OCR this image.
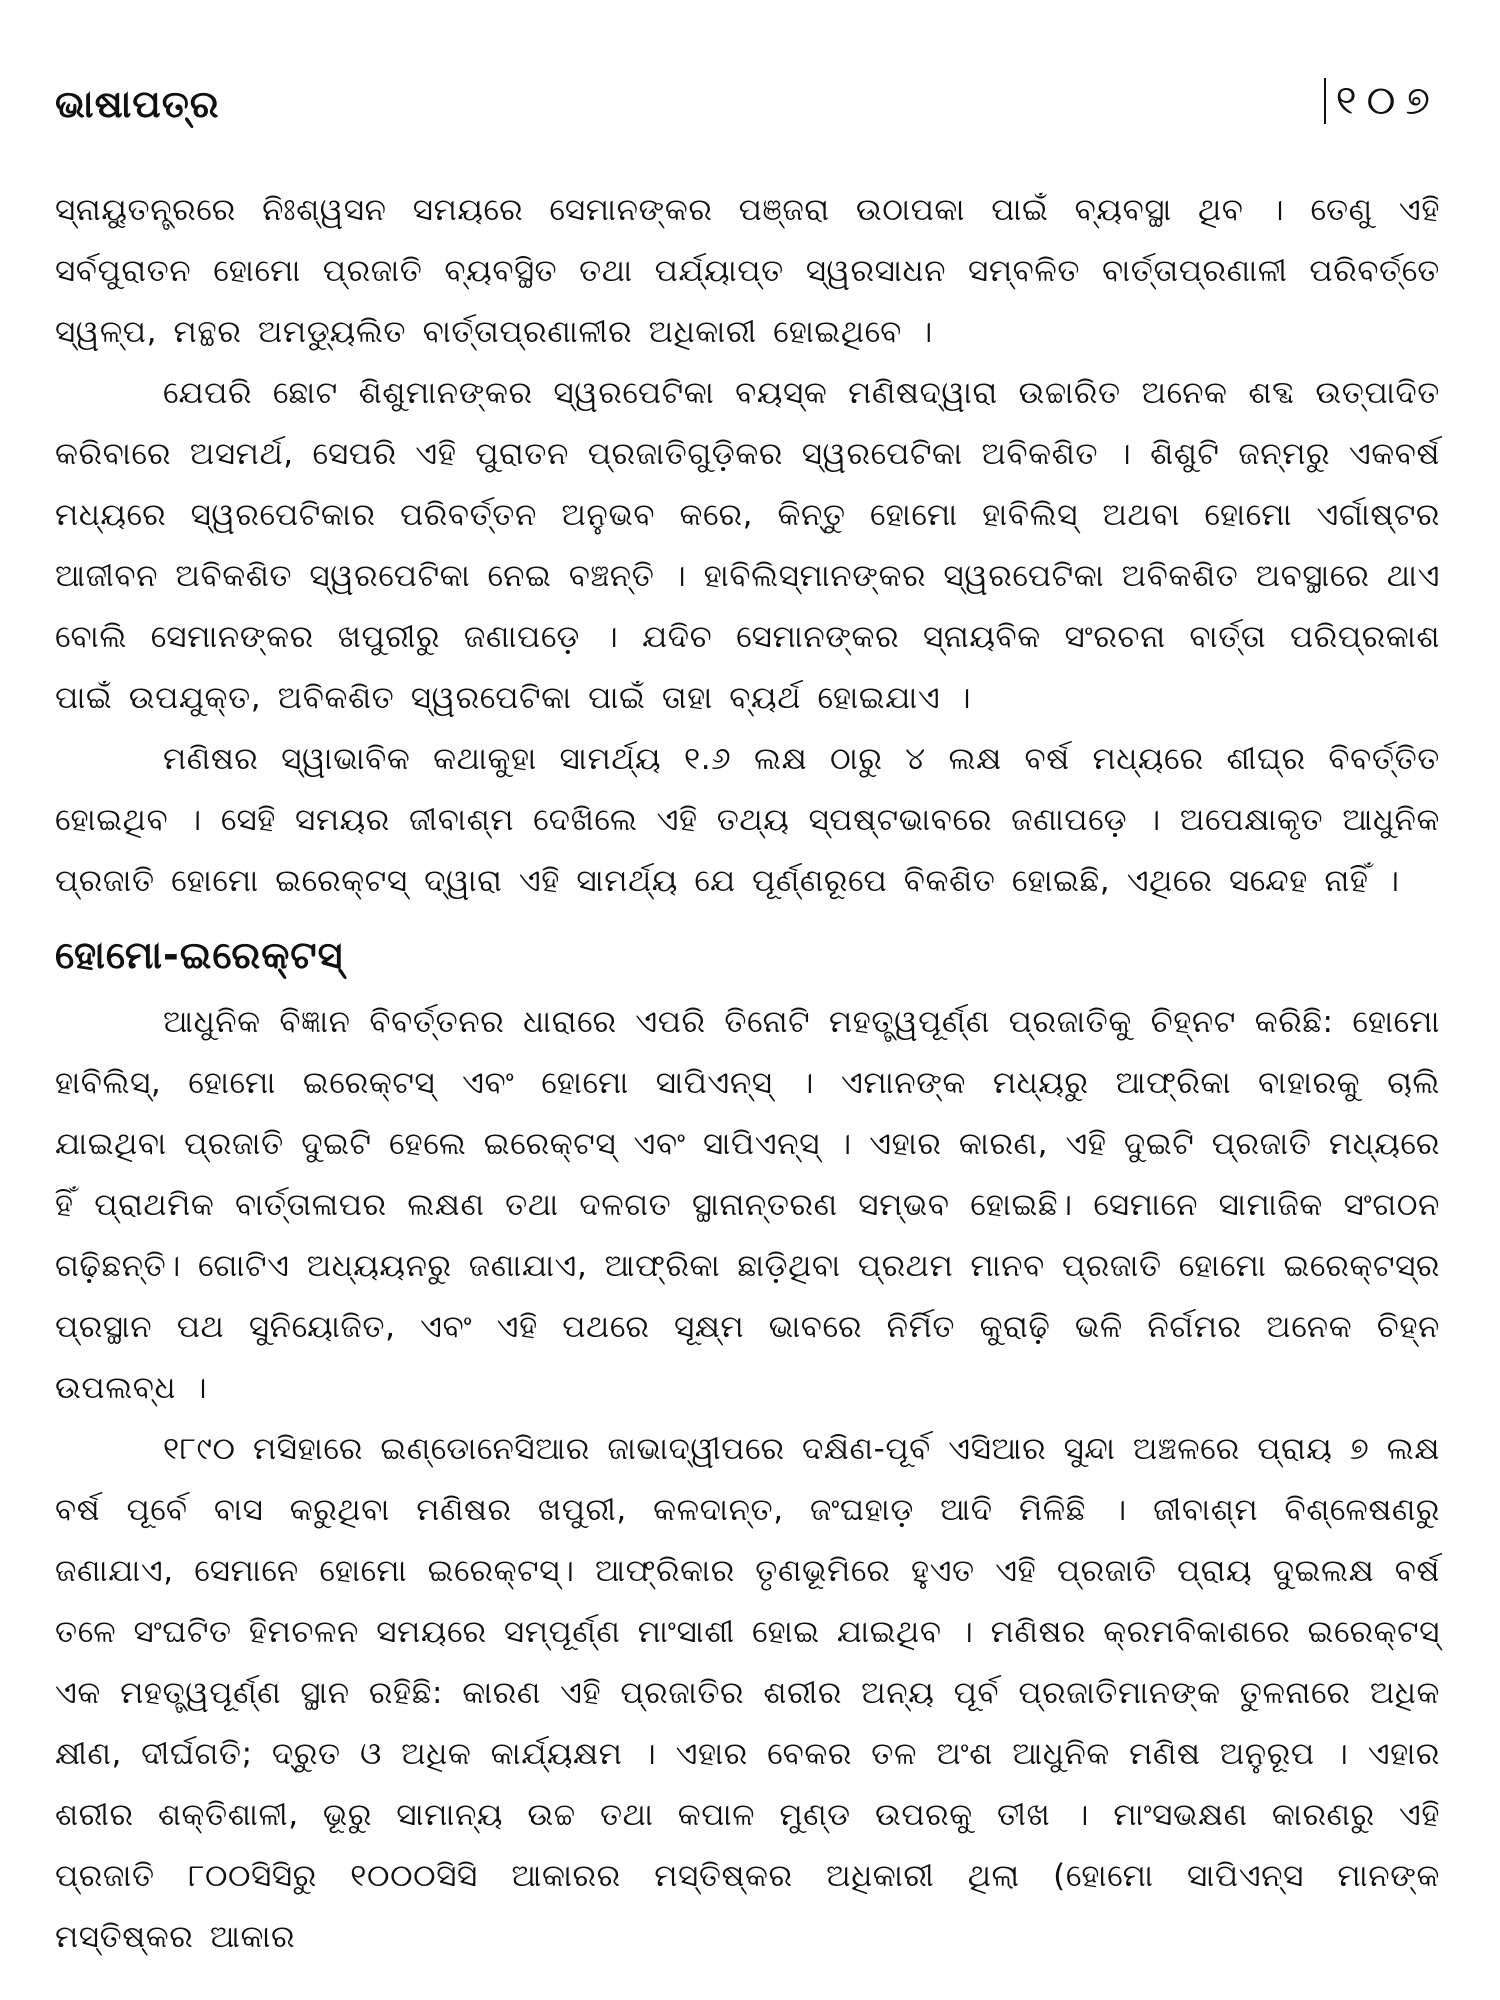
ଭାଷାପତ୍ର	୧୦୭

ସ୍ନାୟୁତନ୍ତ୍ରରେ ନିଃଶ୍ୱସନ ସମୟରେ ସେମାନଙ୍କର ପଞ୍ଜରା ଉଠାପକା ପାଇଁ ବ୍ୟବସ୍ଥା ଥିବ । ତେଣୁ ଏହି ସର୍ବପୁରାତନ ହୋମୋ ପ୍ରଜାତି ବ୍ୟବସ୍ଥିତ ତଥା ପର୍ଯ୍ୟାପ୍ତ ସ୍ୱରସାଧନ ସମ୍ବଳିତ ବାର୍ତ୍ତାପ୍ରଣାଳୀ ପରିବର୍ତ୍ତେ ସ୍ୱଳ୍ପ, ମନ୍ଥର ଅମଡ୍ୟୁଲିତ ବାର୍ତ୍ତାପ୍ରଣାଳୀର ଅଧିକାରୀ ହୋଇଥିବେ ।

ଯେପରି ଛୋଟ ଶିଶୁମାନଙ୍କର ସ୍ୱରପେଟିକା ବୟସ୍କ ମଣିଷଦ୍ୱାରା ଉଚ୍ଚାରିତ ଅନେକ ଶବ୍ଦ ଉତ୍ପାଦିତ କରିବାରେ ଅସମର୍ଥ, ସେପରି ଏହି ପୁରାତନ ପ୍ରଜାତିଗୁଡ଼ିକର ସ୍ୱରପେଟିକା ଅବିକଶିତ । ଶିଶୁଟି ଜନ୍ମରୁ ଏକବର୍ଷ ମଧ୍ୟରେ ସ୍ୱରପେଟିକାର ପରିବର୍ତ୍ତନ ଅନୁଭବ କରେ, କିନ୍ତୁ ହୋମୋ ହାବିଲିସ୍ ଅଥବା ହୋମୋ ଏର୍ଗାଷ୍ଟର ଆଜୀବନ ଅବିକଶିତ ସ୍ୱରପେଟିକା ନେଇ ବଞ୍ଚନ୍ତି । ହାବିଲିସ୍‌ମାନଙ୍କର ସ୍ୱରପେଟିକା ଅବିକଶିତ ଅବସ୍ଥାରେ ଥାଏ ବୋଲି ସେମାନଙ୍କର ଖପୁରୀରୁ ଜଣାପଡ଼େ । ଯଦିଚ ସେମାନଙ୍କର ସ୍ନାୟବିକ ସଂରଚନା ବାର୍ତ୍ତା ପରିପ୍ରକାଶ ପାଇଁ ଉପଯୁକ୍ତ, ଅବିକଶିତ ସ୍ୱରପେଟିକା ପାଇଁ ତାହା ବ୍ୟର୍ଥ ହୋଇଯାଏ ।

ମଣିଷର ସ୍ୱାଭାବିକ କଥାକୁହା ସାମର୍ଥ୍ୟ ୧.୬ ଲକ୍ଷ ଠାରୁ ୪ ଲକ୍ଷ ବର୍ଷ ମଧ୍ୟରେ ଶୀଘ୍ର ବିବର୍ତ୍ତିତ ହୋଇଥିବ । ସେହି ସମୟର ଜୀବାଶ୍ମ ଦେଖିଲେ ଏହି ତଥ୍ୟ ସ୍ପଷ୍ଟଭାବରେ ଜଣାପଡ଼େ । ଅପେକ୍ଷାକୃତ ଆଧୁନିକ ପ୍ରଜାତି ହୋମୋ ଇରେକ୍ଟସ୍ ଦ୍ୱାରା ଏହି ସାମର୍ଥ୍ୟ ଯେ ପୂର୍ଣ୍ଣରୂପେ ବିକଶିତ ହୋଇଛି, ଏଥିରେ ସନ୍ଦେହ ନାହିଁ ।

ହୋମୋ-ଇରେକ୍ଟସ୍

ଆଧୁନିକ ବିଜ୍ଞାନ ବିବର୍ତ୍ତନର ଧାରାରେ ଏପରି ତିନୋଟି ମହତ୍ତ୍ୱପୂର୍ଣ୍ଣ ପ୍ରଜାତିକୁ ଚିହ୍ନଟ କରିଛି: ହୋମୋ ହାବିଲିସ୍, ହୋମୋ ଇରେକ୍ଟସ୍ ଏବଂ ହୋମୋ ସାପିଏନ୍‌ସ୍ । ଏମାନଙ୍କ ମଧ୍ୟରୁ ଆଫ୍ରିକା ବାହାରକୁ ଚାଲି ଯାଇଥିବା ପ୍ରଜାତି ଦୁଇଟି ହେଲେ ଇରେକ୍ଟସ୍ ଏବଂ ସାପିଏନ୍‌ସ୍ । ଏହାର କାରଣ, ଏହି ଦୁଇଟି ପ୍ରଜାତି ମଧ୍ୟରେ ହିଁ ପ୍ରାଥମିକ ବାର୍ତ୍ତାଳାପର ଲକ୍ଷଣ ତଥା ଦଳଗତ ସ୍ଥାନାନ୍ତରଣ ସମ୍ଭବ ହୋଇଛି। ସେମାନେ ସାମାଜିକ ସଂଗଠନ ଗଢ଼ିଛନ୍ତି। ଗୋଟିଏ ଅଧ୍ୟୟନରୁ ଜଣାଯାଏ, ଆଫ୍ରିକା ଛାଡ଼ିଥିବା ପ୍ରଥମ ମାନବ ପ୍ରଜାତି ହୋମୋ ଇରେକ୍ଟସ୍‌ର ପ୍ରସ୍ଥାନ ପଥ ସୁନିୟୋଜିତ, ଏବଂ ଏହି ପଥରେ ସୂକ୍ଷ୍ମ ଭାବରେ ନିର୍ମିତ କୁରାଢ଼ି ଭଳି ନିର୍ଗମର ଅନେକ ଚିହ୍ନ ଉପଲବ୍ଧ ।

୧୮୯୦ ମସିହାରେ ଇଣ୍ଡୋନେସିଆର ଜାଭାଦ୍ୱୀପରେ ଦକ୍ଷିଣ-ପୂର୍ବ ଏସିଆର ସୁନ୍ଦା ଅଞ୍ଚଳରେ ପ୍ରାୟ ୭ ଲକ୍ଷ ବର୍ଷ ପୂର୍ବେ ବାସ କରୁଥିବା ମଣିଷର ଖପୁରୀ, କଳଦାନ୍ତ, ଜଂଘହାଡ଼ ଆଦି ମିଳିଛି । ଜୀବାଶ୍ମ ବିଶ୍ଳେଷଣରୁ ଜଣାଯାଏ, ସେମାନେ ହୋମୋ ଇରେକ୍ଟସ୍। ଆଫ୍ରିକାର ତୃଣଭୂମିରେ ହୁଏତ ଏହି ପ୍ରଜାତି ପ୍ରାୟ ଦୁଇଲକ୍ଷ ବର୍ଷ ତଳେ ସଂଘଟିତ ହିମଚଳନ ସମୟରେ ସମ୍ପୂର୍ଣ୍ଣ ମାଂସାଶୀ ହୋଇ ଯାଇଥିବ । ମଣିଷର କ୍ରମବିକାଶରେ ଇରେକ୍ଟସ୍ ଏକ ମହତ୍ତ୍ୱପୂର୍ଣ୍ଣ ସ୍ଥାନ ରହିଛି: କାରଣ ଏହି ପ୍ରଜାତିର ଶରୀର ଅନ୍ୟ ପୂର୍ବ ପ୍ରଜାତିମାନଙ୍କ ତୁଳନାରେ ଅଧିକ କ୍ଷୀଣ, ଦୀର୍ଘଗତି; ଦ୍ରୁତ ଓ ଅଧିକ କାର୍ଯ୍ୟକ୍ଷମ । ଏହାର ବେକର ତଳ ଅଂଶ ଆଧୁନିକ ମଣିଷ ଅନୁରୂପ । ଏହାର ଶରୀର ଶକ୍ତିଶାଳୀ, ଭୂରୁ ସାମାନ୍ୟ ଉଚ୍ଚ ତଥା କପାଳ ମୁଣ୍ଡ ଉପରକୁ ତୀଖ । ମାଂସଭକ୍ଷଣ କାରଣରୁ ଏହି ପ୍ରଜାତି ୮୦୦ସିସିରୁ ୧୦୦୦ସିସି ଆକାରର ମସ୍ତିଷ୍କର ଅଧିକାରୀ ଥିଲା (ହୋମୋ ସାପିଏନ୍‌ସ ମାନଙ୍କ ମସ୍ତିଷ୍କର ଆକାର
